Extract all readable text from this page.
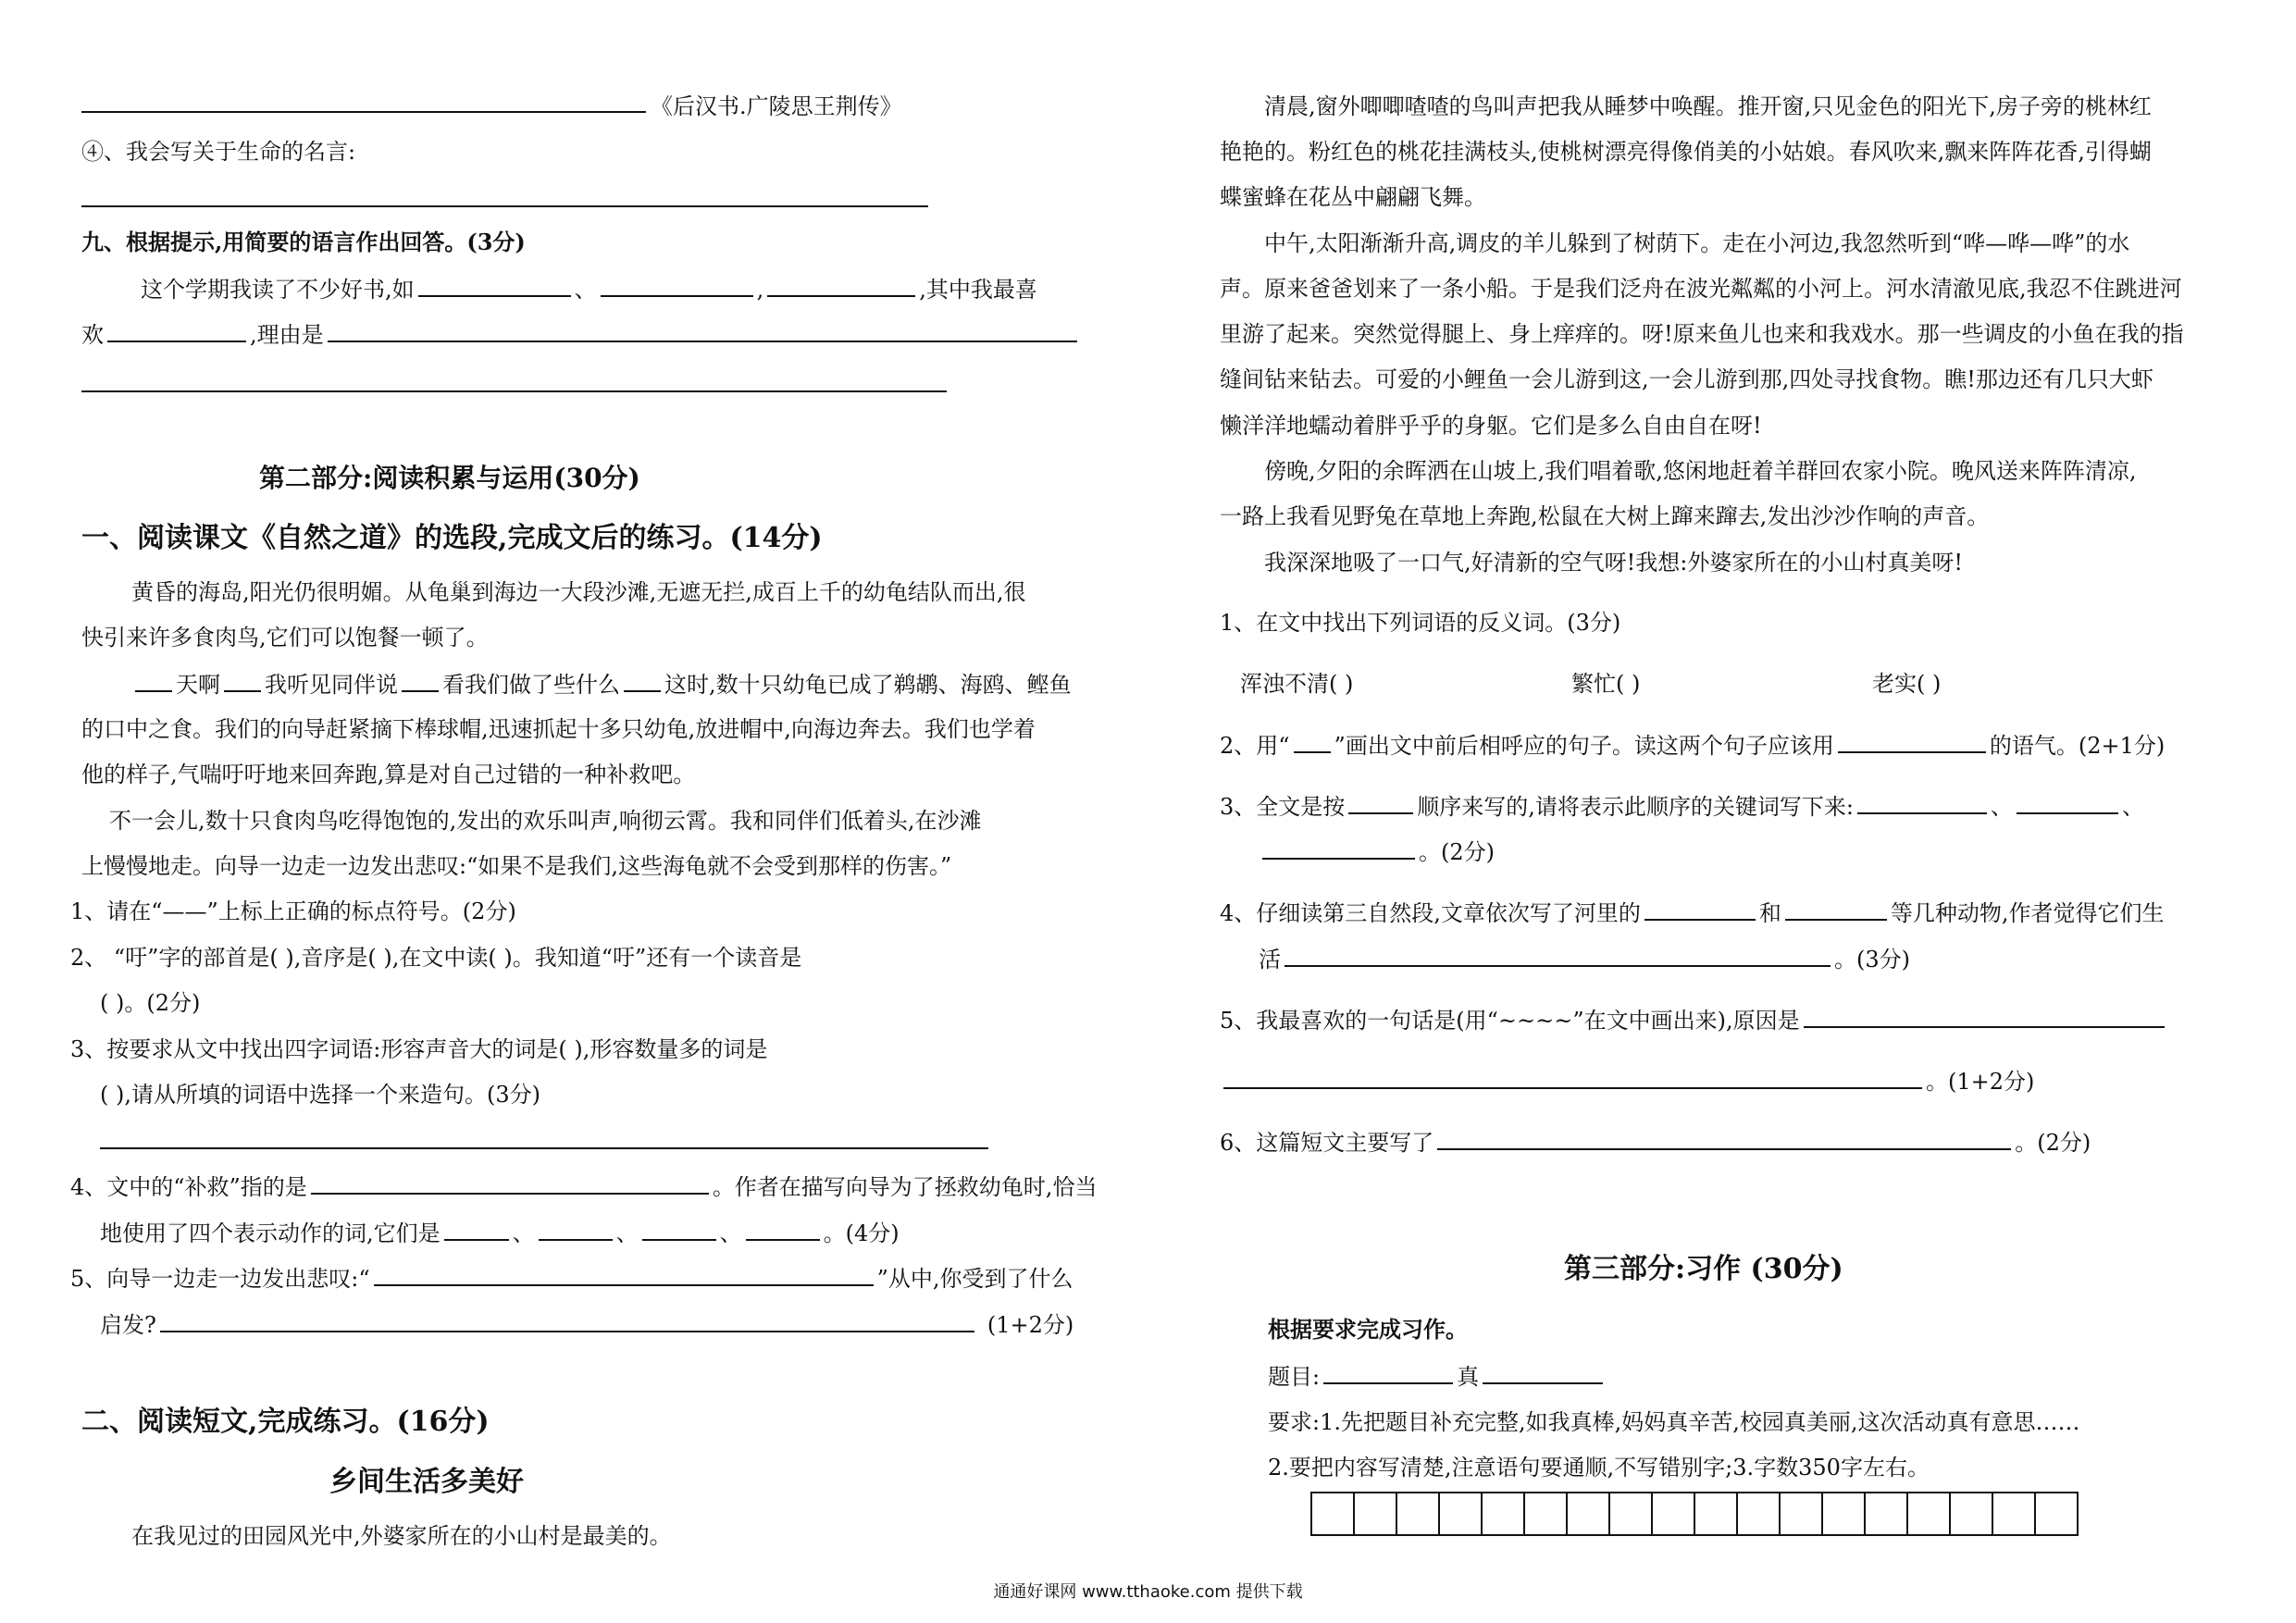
《后汉书.广陵思王荆传》
④、我会写关于生命的名言:
九、根据提示,用简要的语言作出回答。(3分)
这个学期我读了不少好书,如	、	,	,其中我最喜
欢	,理由是
第二部分:阅读积累与运用(30分)
一、阅读课文《自然之道》的选段,完成文后的练习。(14分)
黄昏的海岛,阳光仍很明媚。从龟巢到海边一大段沙滩,无遮无拦,成百上千的幼龟结队而出,很
快引来许多食肉鸟,它们可以饱餐一顿了。
天啊 我听见同伴说 看我们做了些什么 这时,数十只幼龟已成了鹈鹕、海鸥、鲣鱼
的口中之食。我们的向导赶紧摘下棒球帽,迅速抓起十多只幼龟,放进帽中,向海边奔去。我们也学着
他的样子,气喘吁吁地来回奔跑,算是对自己过错的一种补救吧。
不一会儿,数十只食肉鸟吃得饱饱的,发出的欢乐叫声,响彻云霄。我和同伴们低着头,在沙滩
上慢慢地走。向导一边走一边发出悲叹:“如果不是我们,这些海龟就不会受到那样的伤害。”
1、请在“——”上标上正确的标点符号。(2分)
2、 “吁”字的部首是( ),音序是( ),在文中读( )。我知道“吁”还有一个读音是
( )。(2分)
3、按要求从文中找出四字词语:形容声音大的词是( ),形容数量多的词是
( ),请从所填的词语中选择一个来造句。(3分)
4、文中的“补救”指的是	。作者在描写向导为了拯救幼龟时,恰当
地使用了四个表示动作的词,它们是	、	、	、	。(4分)
5、向导一边走一边发出悲叹:“	”从中,你受到了什么
启发?	(1+2分)
二、阅读短文,完成练习。(16分)
乡间生活多美好
在我见过的田园风光中,外婆家所在的小山村是最美的。
清晨,窗外唧唧喳喳的鸟叫声把我从睡梦中唤醒。推开窗,只见金色的阳光下,房子旁的桃林红
艳艳的。粉红色的桃花挂满枝头,使桃树漂亮得像俏美的小姑娘。春风吹来,飘来阵阵花香,引得蝴
蝶蜜蜂在花丛中翩翩飞舞。
中午,太阳渐渐升高,调皮的羊儿躲到了树荫下。走在小河边,我忽然听到“哗—哗—哗”的水
声。原来爸爸划来了一条小船。于是我们泛舟在波光粼粼的小河上。河水清澈见底,我忍不住跳进河
里游了起来。突然觉得腿上、身上痒痒的。呀!原来鱼儿也来和我戏水。那一些调皮的小鱼在我的指
缝间钻来钻去。可爱的小鲤鱼一会儿游到这,一会儿游到那,四处寻找食物。瞧!那边还有几只大虾
懒洋洋地蠕动着胖乎乎的身躯。它们是多么自由自在呀!
傍晚,夕阳的余晖洒在山坡上,我们唱着歌,悠闲地赶着羊群回农家小院。晚风送来阵阵清凉,
一路上我看见野兔在草地上奔跑,松鼠在大树上蹿来蹿去,发出沙沙作响的声音。
我深深地吸了一口气,好清新的空气呀!我想:外婆家所在的小山村真美呀!
1、在文中找出下列词语的反义词。(3分)
浑浊不清( )	繁忙( )	老实( )
2、用“ ”画出文中前后相呼应的句子。读这两个句子应该用	的语气。(2+1分)
3、全文是按	顺序来写的,请将表示此顺序的关键词写下来:	、	、
。(2分)
4、仔细读第三自然段,文章依次写了河里的	和	等几种动物,作者觉得它们生
活	。(3分)
5、我最喜欢的一句话是(用“~~~~”在文中画出来),原因是
。(1+2分)
6、这篇短文主要写了	。(2分)
第三部分:习作 (30分)
根据要求完成习作。
题目:	真
要求:1.先把题目补充完整,如我真棒,妈妈真辛苦,校园真美丽,这次活动真有意思……
2.要把内容写清楚,注意语句要通顺,不写错别字;3.字数350字左右。
通通好课网 www.tthaoke.com 提供下载
